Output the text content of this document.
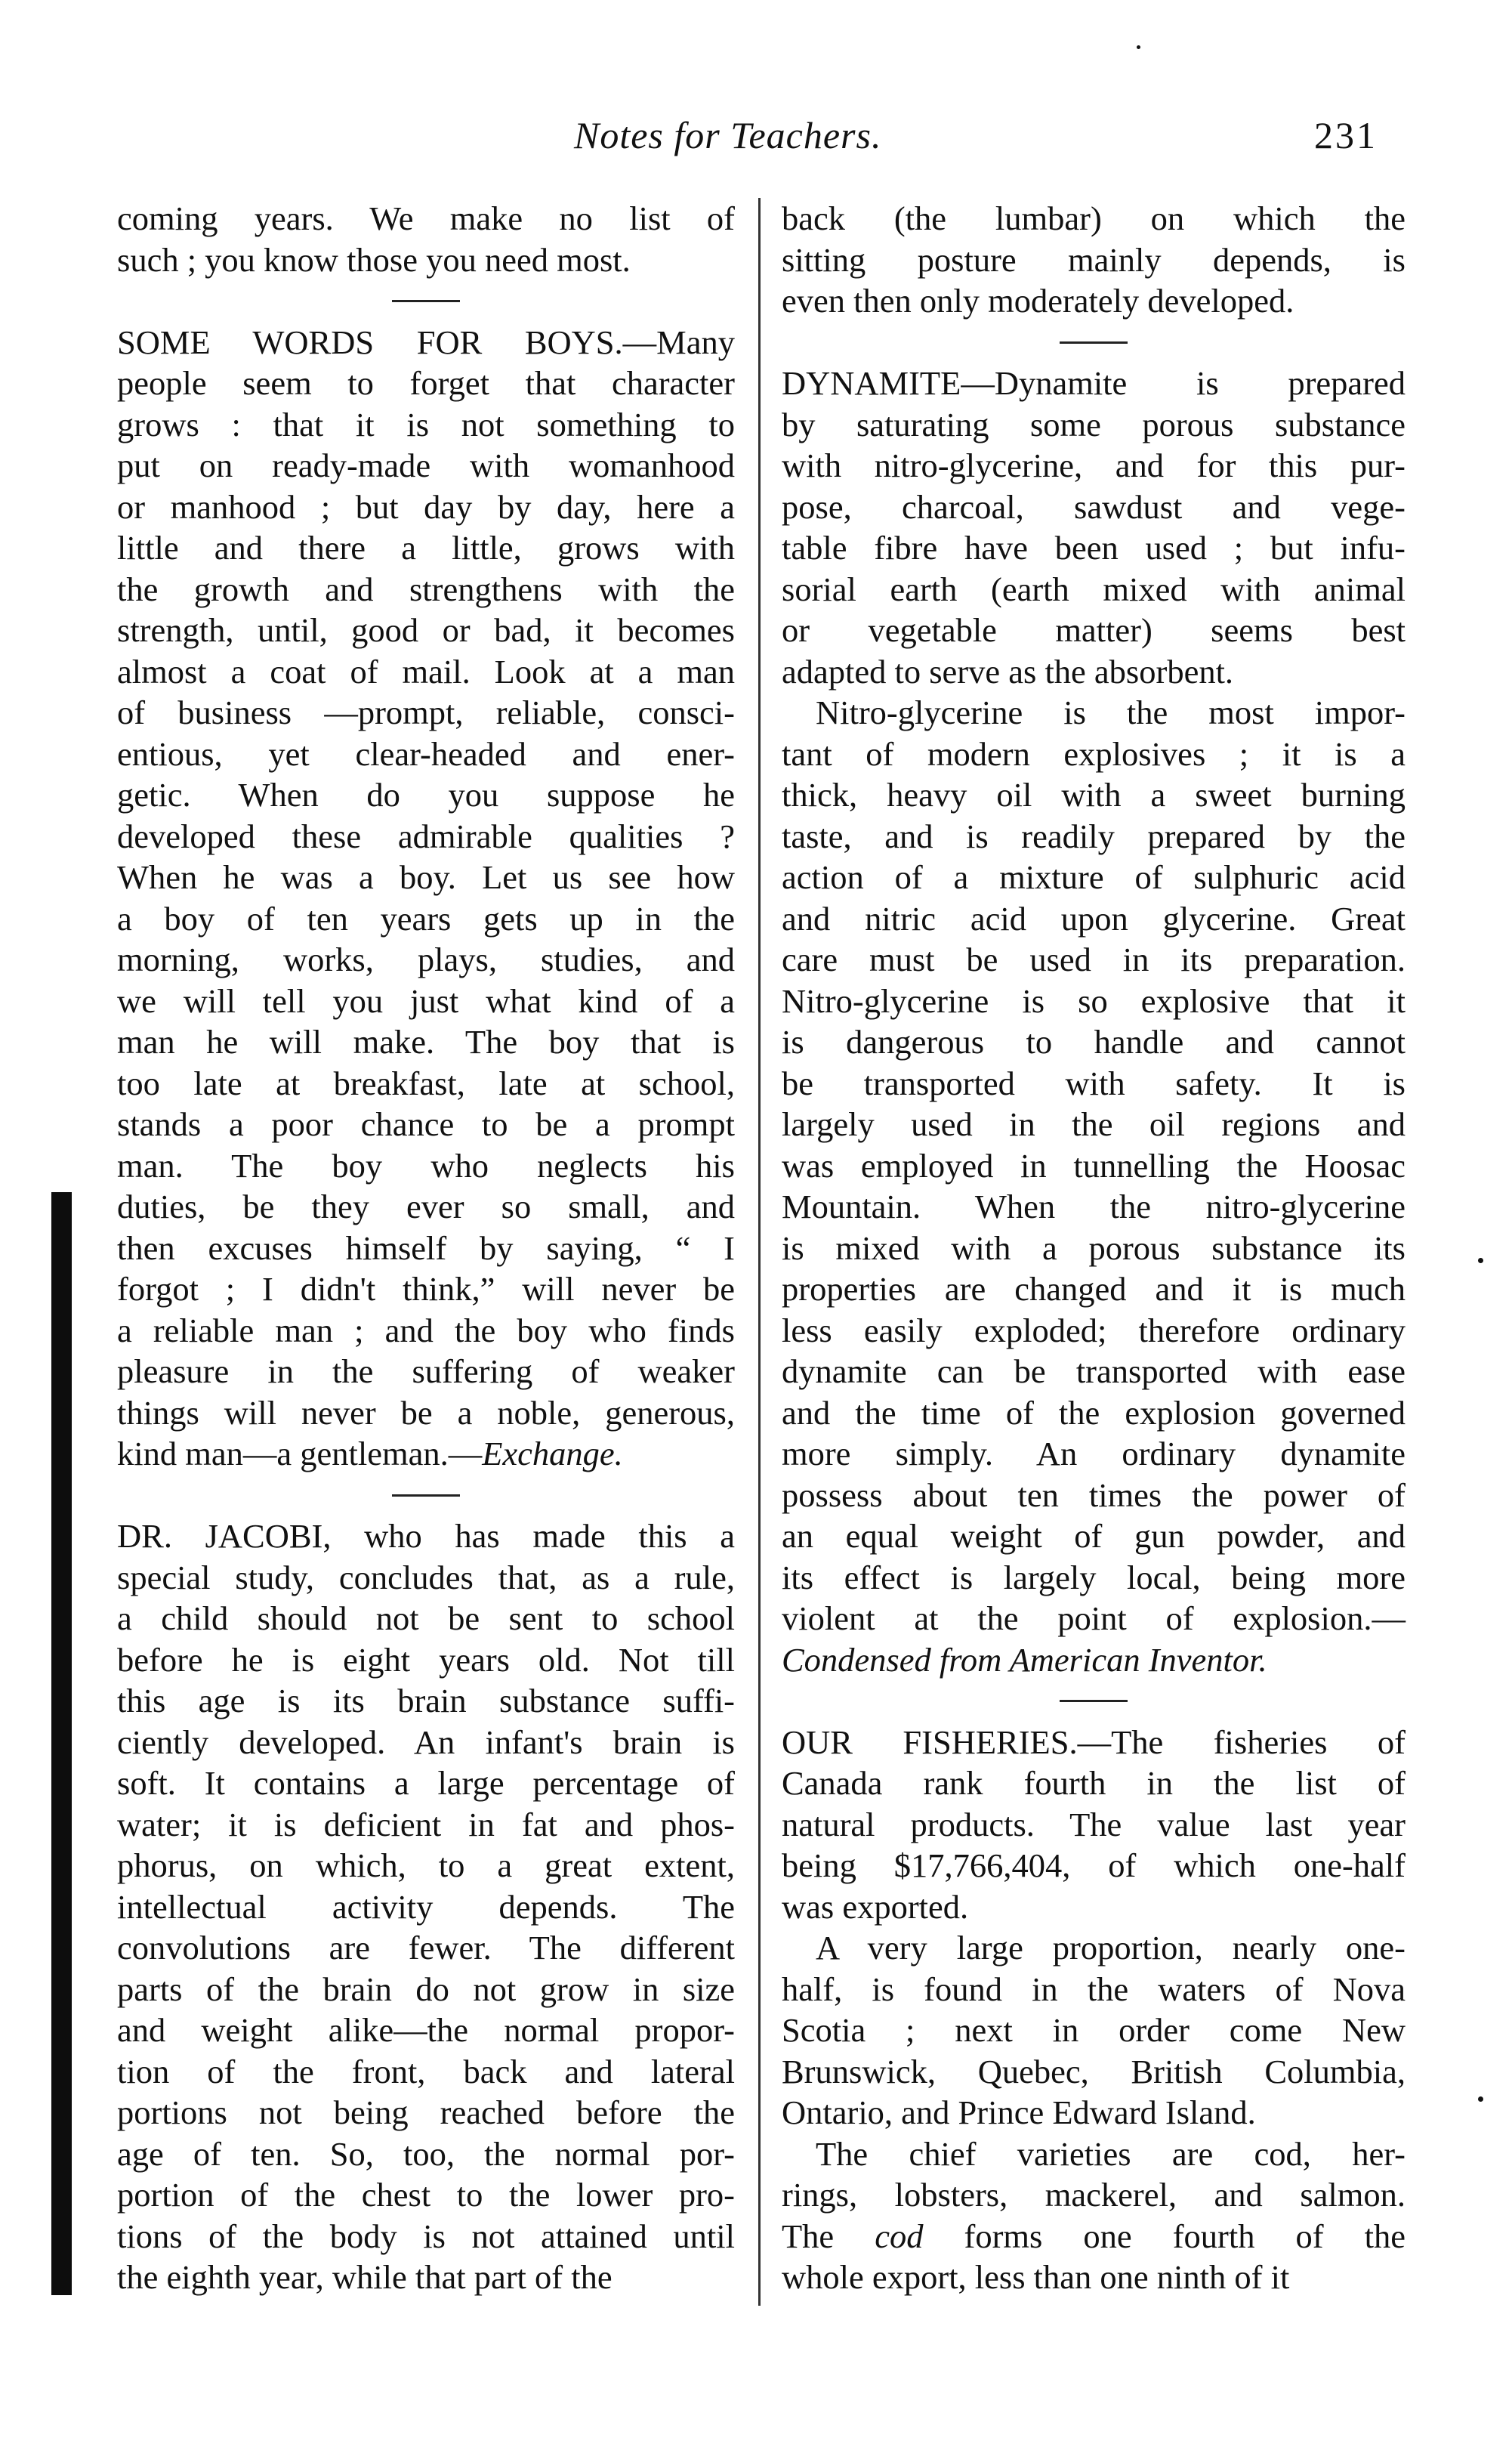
Notes for Teachers.	231
coming years. We make no list of
such ; you know those you need most.
SOME WORDS FOR BOYS.—Many
people seem to forget that character
grows : that it is not something to
put on ready-made with womanhood
or manhood ; but day by day, here a
little and there a little, grows with
the growth and strengthens with the
strength, until, good or bad, it becomes
almost a coat of mail. Look at a man
of business —prompt, reliable, consci-
entious, yet clear-headed and ener-
getic. When do you suppose he
developed these admirable qualities ?
When he was a boy. Let us see how
a boy of ten years gets up in the
morning, works, plays, studies, and
we will tell you just what kind of a
man he will make. The boy that is
too late at breakfast, late at school,
stands a poor chance to be a prompt
man. The boy who neglects his
duties, be they ever so small, and
then excuses himself by saying, “ I
forgot ; I didn't think,” will never be
a reliable man ; and the boy who finds
pleasure in the suffering of weaker
things will never be a noble, generous,
kind man—a gentleman.—Exchange.
DR. JACOBI, who has made this a
special study, concludes that, as a rule,
a child should not be sent to school
before he is eight years old. Not till
this age is its brain substance suffi-
ciently developed. An infant's brain is
soft. It contains a large percentage of
water; it is deficient in fat and phos-
phorus, on which, to a great extent,
intellectual activity depends. The
convolutions are fewer. The different
parts of the brain do not grow in size
and weight alike—the normal propor-
tion of the front, back and lateral
portions not being reached before the
age of ten. So, too, the normal por-
portion of the chest to the lower pro-
tions of the body is not attained until
the eighth year, while that part of the
back (the lumbar) on which the
sitting posture mainly depends, is
even then only moderately developed.
DYNAMITE—Dynamite is prepared
by saturating some porous substance
with nitro-glycerine, and for this pur-
pose, charcoal, sawdust and vege-
table fibre have been used ; but infu-
sorial earth (earth mixed with animal
or vegetable matter) seems best
adapted to serve as the absorbent.
Nitro-glycerine is the most impor-
tant of modern explosives ; it is a
thick, heavy oil with a sweet burning
taste, and is readily prepared by the
action of a mixture of sulphuric acid
and nitric acid upon glycerine. Great
care must be used in its preparation.
Nitro-glycerine is so explosive that it
is dangerous to handle and cannot
be transported with safety. It is
largely used in the oil regions and
was employed in tunnelling the Hoosac
Mountain. When the nitro-glycerine
is mixed with a porous substance its
properties are changed and it is much
less easily exploded; therefore ordinary
dynamite can be transported with ease
and the time of the explosion governed
more simply. An ordinary dynamite
possess about ten times the power of
an equal weight of gun powder, and
its effect is largely local, being more
violent at the point of explosion.—
Condensed from American Inventor.
OUR FISHERIES.—The fisheries of
Canada rank fourth in the list of
natural products. The value last year
being $17,766,404, of which one-half
was exported.
A very large proportion, nearly one-
half, is found in the waters of Nova
Scotia ; next in order come New
Brunswick, Quebec, British Columbia,
Ontario, and Prince Edward Island.
The chief varieties are cod, her-
rings, lobsters, mackerel, and salmon.
The cod forms one fourth of the
whole export, less than one ninth of it
